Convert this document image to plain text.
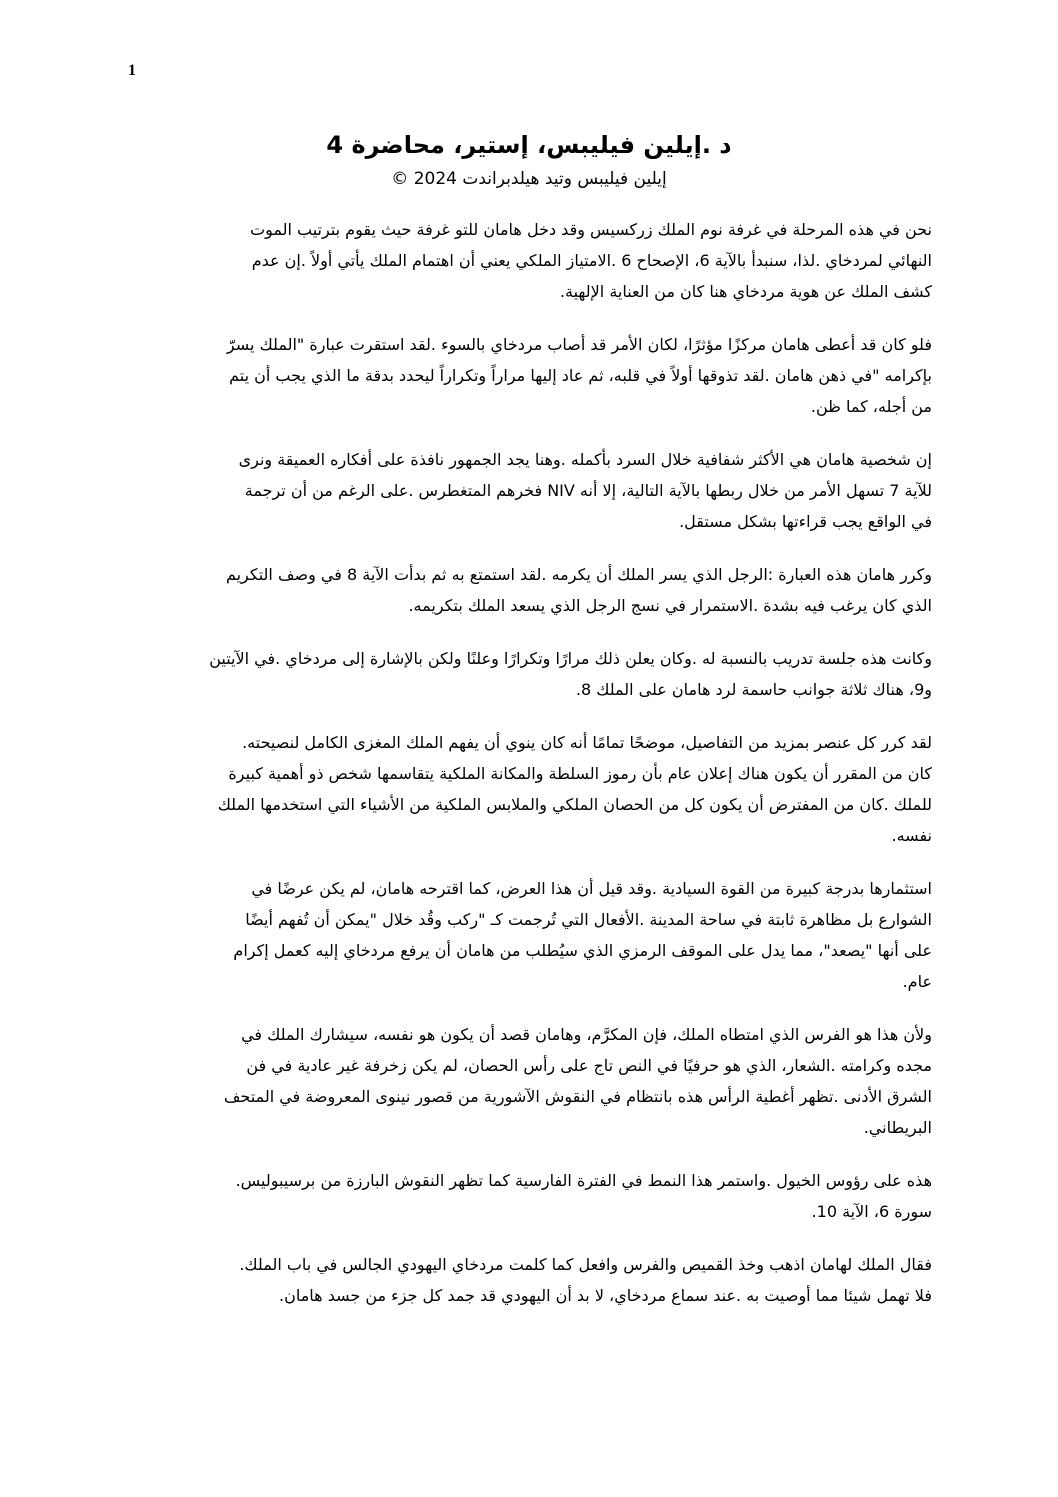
1
د .إيلين فيليبس، إستير، محاضرة 4
إيلين فيليبس وتيد هيلدبراندت 2024 ©
نحن في هذه المرحلة في غرفة نوم الملك زركسيس وقد دخل هامان للتو غرفة حيث يقوم بترتيب الموت
النهائي لمردخاي .لذا، سنبدأ بالآية 6، الإصحاح 6 .الامتياز الملكي يعني أن اهتمام الملك يأتي أولاً .إن عدم
كشف الملك عن هوية مردخاي هنا كان من العناية الإلهية.
فلو كان قد أعطى هامان مركزًا مؤثرًا، لكان الأمر قد أصاب مردخاي بالسوء .لقد استقرت عبارة "الملك يسرّ
بإكرامه "في ذهن هامان .لقد تذوقها أولاً في قلبه، ثم عاد إليها مراراً وتكراراً ليحدد بدقة ما الذي يجب أن يتم
من أجله، كما ظن.
إن شخصية هامان هي الأكثر شفافية خلال السرد بأكمله .وهنا يجد الجمهور نافذة على أفكاره العميقة ونرى
للآية 7 تسهل الأمر من خلال ربطها بالآية التالية، إلا أنه NIV فخرهم المتغطرس .على الرغم من أن ترجمة
في الواقع يجب قراءتها بشكل مستقل.
وكرر هامان هذه العبارة :الرجل الذي يسر الملك أن يكرمه .لقد استمتع به ثم بدأت الآية 8 في وصف التكريم
الذي كان يرغب فيه بشدة .الاستمرار في نسج الرجل الذي يسعد الملك بتكريمه.
وكانت هذه جلسة تدريب بالنسبة له .وكان يعلن ذلك مرارًا وتكرارًا وعلنًا ولكن بالإشارة إلى مردخاي .في الآيتين
و9، هناك ثلاثة جوانب حاسمة لرد هامان على الملك 8.
لقد كرر كل عنصر بمزيد من التفاصيل، موضحًا تمامًا أنه كان ينوي أن يفهم الملك المغزى الكامل لنصيحته.
كان من المقرر أن يكون هناك إعلان عام بأن رموز السلطة والمكانة الملكية يتقاسمها شخص ذو أهمية كبيرة
للملك .كان من المفترض أن يكون كل من الحصان الملكي والملابس الملكية من الأشياء التي استخدمها الملك
نفسه.
استثمارها بدرجة كبيرة من القوة السيادية .وقد قيل أن هذا العرض، كما اقترحه هامان، لم يكن عرضًا في
الشوارع بل مظاهرة ثابتة في ساحة المدينة .الأفعال التي تُرجمت كـ "ركب وقُد خلال "يمكن أن تُفهم أيضًا
على أنها "يصعد"، مما يدل على الموقف الرمزي الذي سيُطلب من هامان أن يرفع مردخاي إليه كعمل إكرام
عام.
ولأن هذا هو الفرس الذي امتطاه الملك، فإن المكرَّم، وهامان قصد أن يكون هو نفسه، سيشارك الملك في
مجده وكرامته .الشعار، الذي هو حرفيًا في النص تاج على رأس الحصان، لم يكن زخرفة غير عادية في فن
الشرق الأدنى .تظهر أغطية الرأس هذه بانتظام في النقوش الآشورية من قصور نينوى المعروضة في المتحف
البريطاني.
هذه على رؤوس الخيول .واستمر هذا النمط في الفترة الفارسية كما تظهر النقوش البارزة من برسيبوليس.
سورة 6، الآية 10.
فقال الملك لهامان اذهب وخذ القميص والفرس وافعل كما كلمت مردخاي اليهودي الجالس في باب الملك.
فلا تهمل شيئا مما أوصيت به .عند سماع مردخاي، لا بد أن اليهودي قد جمد كل جزء من جسد هامان.
